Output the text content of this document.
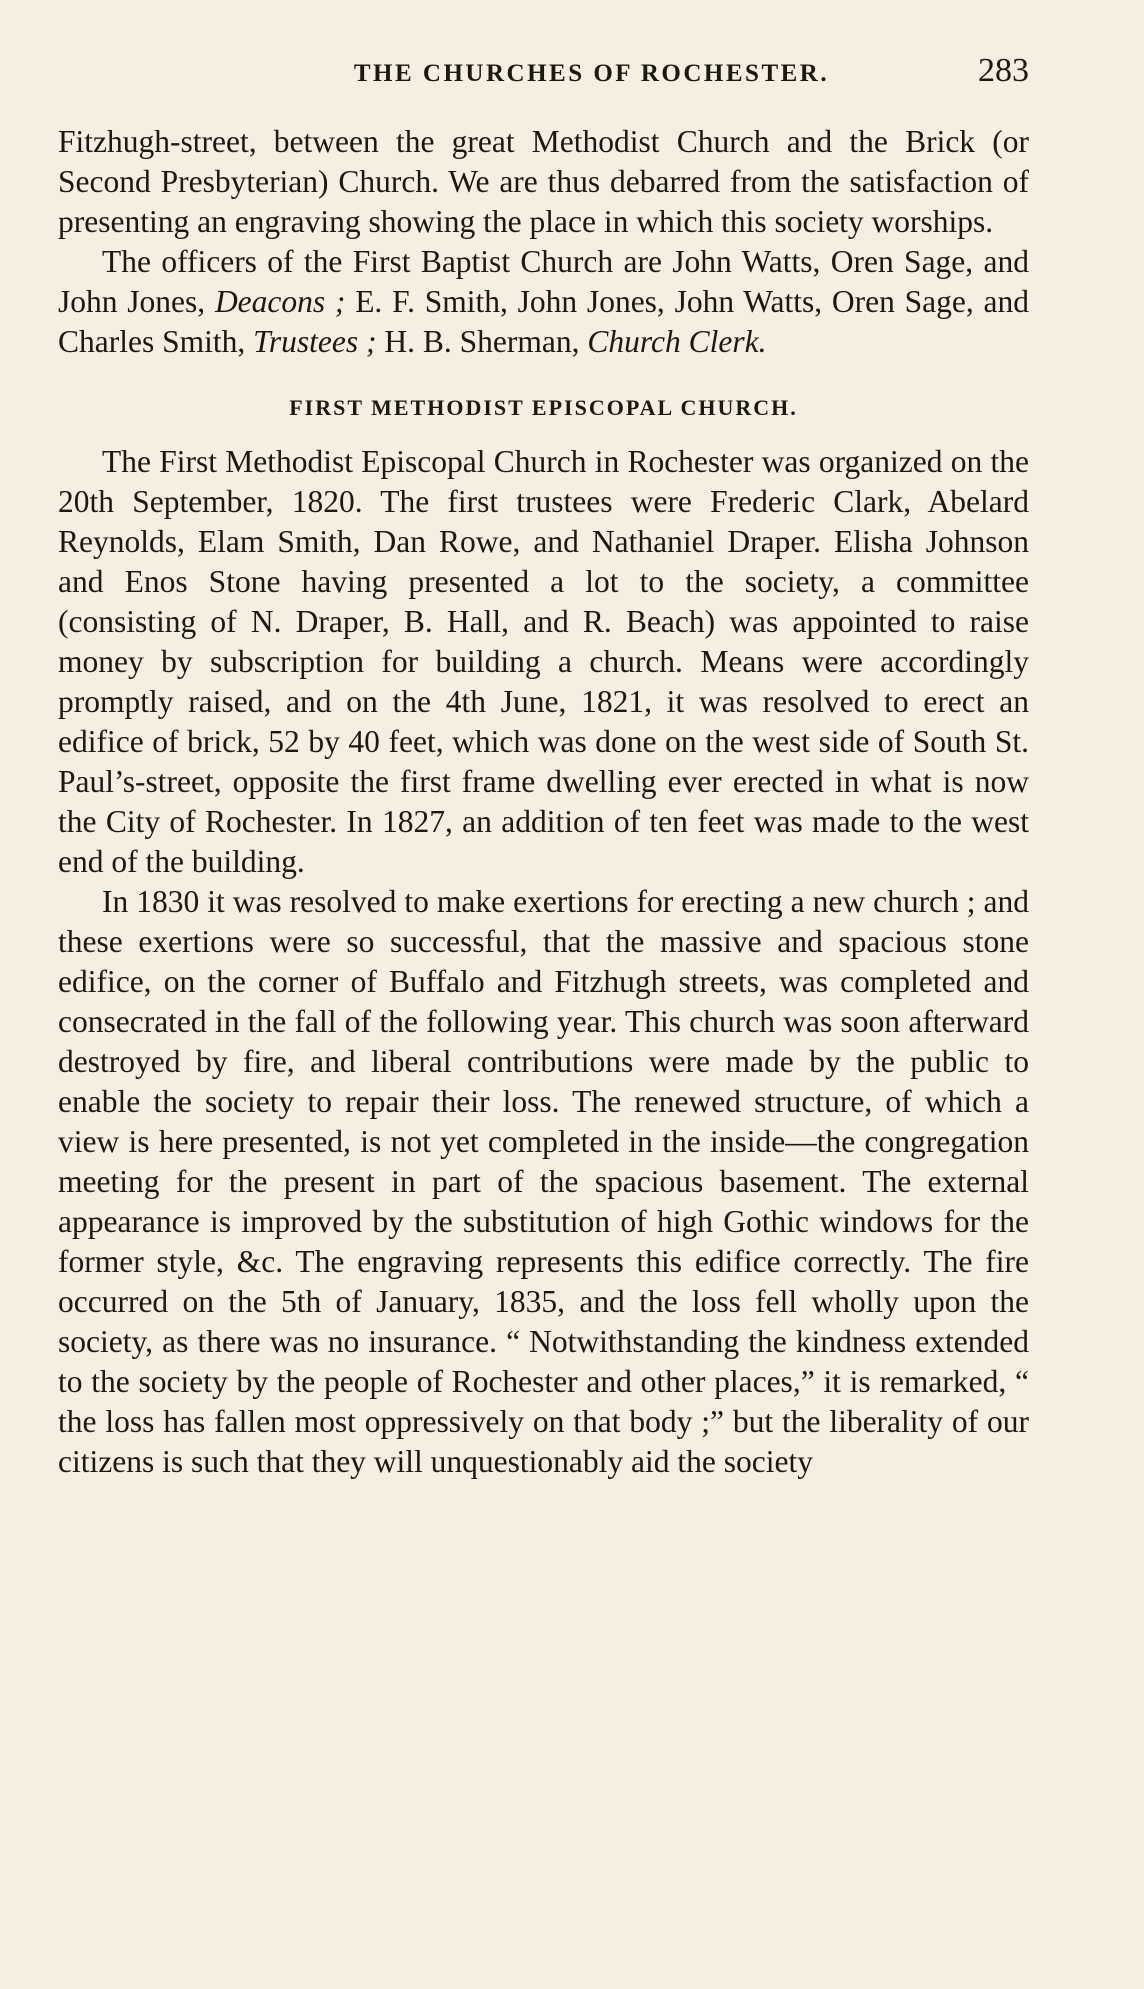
THE CHURCHES OF ROCHESTER.	283

Fitzhugh-street, between the great Methodist Church and the Brick (or Second Presbyterian) Church. We are thus debarred from the satisfaction of presenting an engraving showing the place in which this society worships.

The officers of the First Baptist Church are John Watts, Oren Sage, and John Jones, Deacons ; E. F. Smith, John Jones, John Watts, Oren Sage, and Charles Smith, Trustees ; H. B. Sherman, Church Clerk.

FIRST METHODIST EPISCOPAL CHURCH.

The First Methodist Episcopal Church in Rochester was organized on the 20th September, 1820. The first trustees were Frederic Clark, Abelard Reynolds, Elam Smith, Dan Rowe, and Nathaniel Draper. Elisha Johnson and Enos Stone having presented a lot to the society, a committee (consisting of N. Draper, B. Hall, and R. Beach) was appointed to raise money by subscription for building a church. Means were accordingly promptly raised, and on the 4th June, 1821, it was resolved to erect an edifice of brick, 52 by 40 feet, which was done on the west side of South St. Paul’s-street, opposite the first frame dwelling ever erected in what is now the City of Rochester. In 1827, an addition of ten feet was made to the west end of the building.

In 1830 it was resolved to make exertions for erecting a new church ; and these exertions were so successful, that the massive and spacious stone edifice, on the corner of Buffalo and Fitzhugh streets, was completed and consecrated in the fall of the following year. This church was soon afterward destroyed by fire, and liberal contributions were made by the public to enable the society to repair their loss. The renewed structure, of which a view is here presented, is not yet completed in the inside—the congregation meeting for the present in part of the spacious basement. The external appearance is improved by the substitution of high Gothic windows for the former style, &c. The engraving represents this edifice correctly. The fire occurred on the 5th of January, 1835, and the loss fell wholly upon the society, as there was no insurance. “ Notwithstanding the kindness extended to the society by the people of Rochester and other places,” it is remarked, “ the loss has fallen most oppressively on that body ;” but the liberality of our citizens is such that they will unquestionably aid the society
